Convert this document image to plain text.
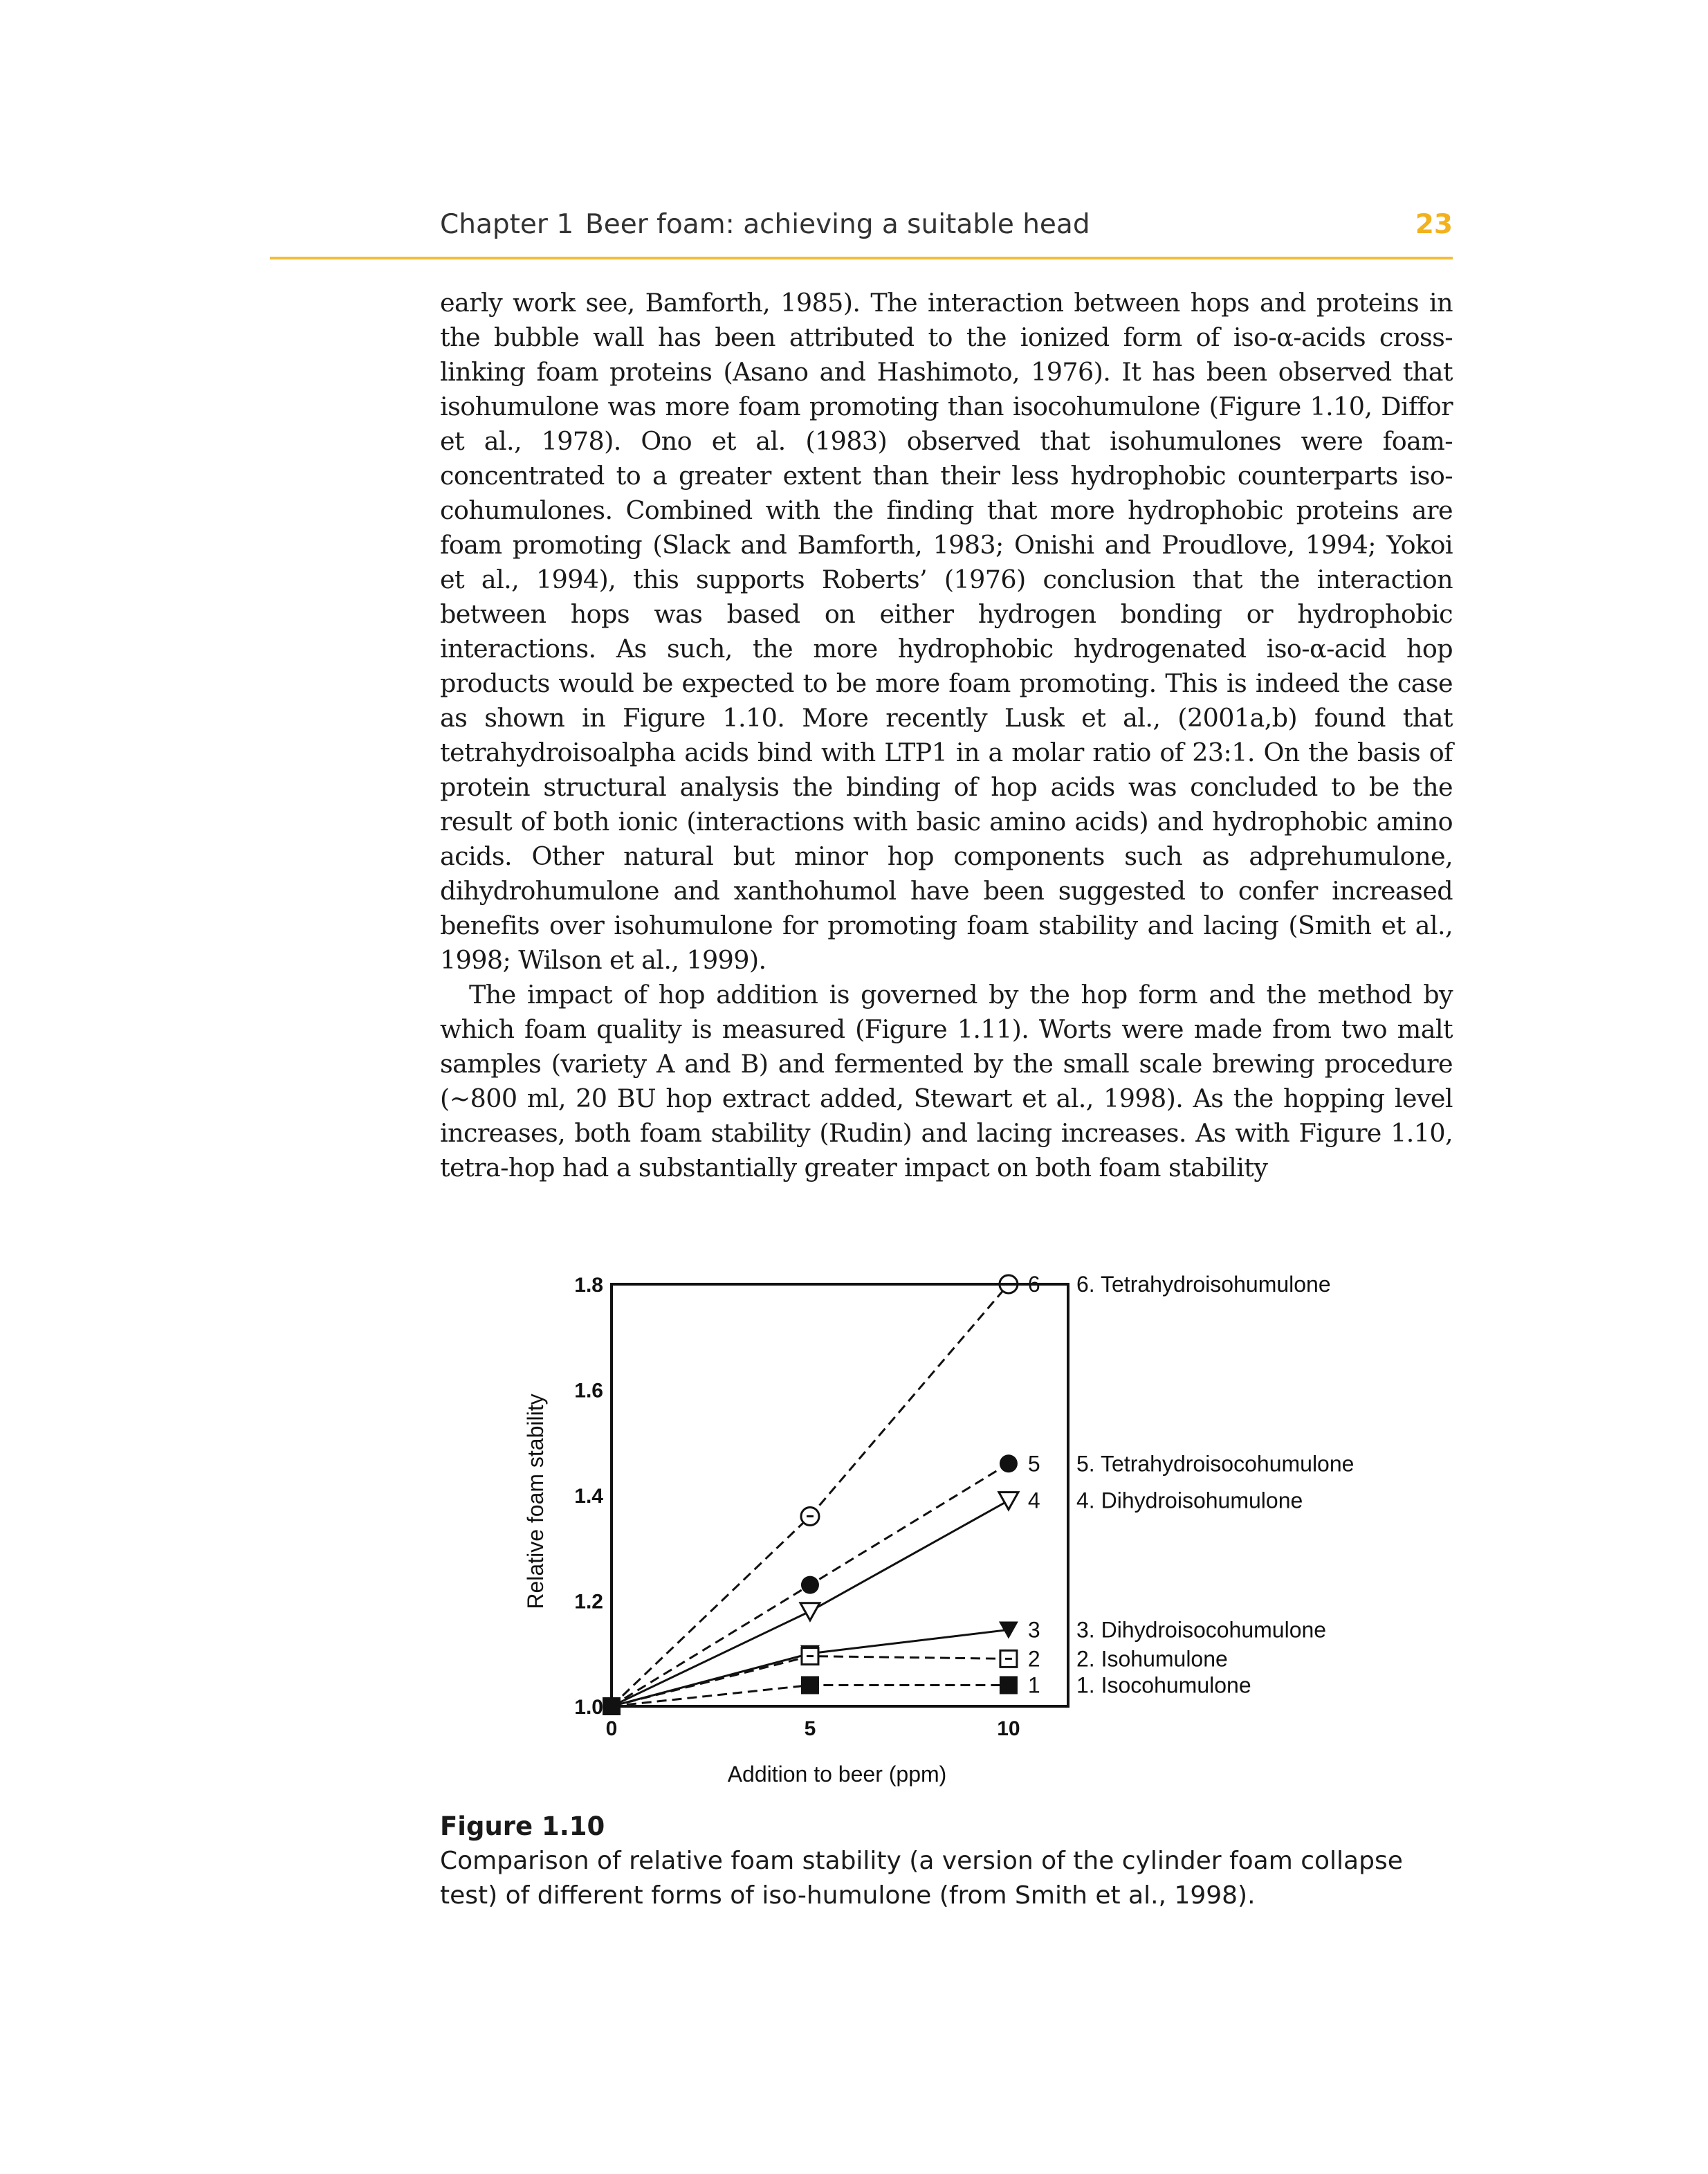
Chapter 1 Beer foam: achieving a suitable head	23

early work see, Bamforth, 1985). The interaction between hops and proteins in the bubble wall has been attributed to the ionized form of iso-α-acids cross-linking foam proteins (Asano and Hashimoto, 1976). It has been observed that isohumulone was more foam promoting than isocohumulone (Figure 1.10, Diffor et al., 1978). Ono et al. (1983) observed that isohumulones were foam-concentrated to a greater extent than their less hydrophobic counterparts iso-cohumulones. Combined with the finding that more hydrophobic proteins are foam promoting (Slack and Bamforth, 1983; Onishi and Proudlove, 1994; Yokoi et al., 1994), this supports Roberts’ (1976) conclusion that the interaction between hops was based on either hydrogen bonding or hydrophobic interactions. As such, the more hydrophobic hydrogenated iso-α-acid hop products would be expected to be more foam promoting. This is indeed the case as shown in Figure 1.10. More recently Lusk et al., (2001a,b) found that tetrahydroisoalpha acids bind with LTP1 in a molar ratio of 23:1. On the basis of protein structural analysis the binding of hop acids was concluded to be the result of both ionic (interactions with basic amino acids) and hydrophobic amino acids. Other natural but minor hop components such as adprehumulone, dihydrohumulone and xanthohumol have been suggested to confer increased benefits over isohumulone for promoting foam stability and lacing (Smith et al., 1998; Wilson et al., 1999).

The impact of hop addition is governed by the hop form and the method by which foam quality is measured (Figure 1.11). Worts were made from two malt samples (variety A and B) and fermented by the small scale brewing procedure (~800 ml, 20 BU hop extract added, Stewart et al., 1998). As the hopping level increases, both foam stability (Rudin) and lacing increases. As with Figure 1.10, tetra-hop had a substantially greater impact on both foam stability

1.0
1.2
1.4
1.6
1.8
0	5	10
Addition to beer (ppm)
Relative foam stability
6
5
4
3
2
1
6. Tetrahydroisohumulone
5. Tetrahydroisocohumulone
4. Dihydroisohumulone
3. Dihydroisocohumulone
2. Isohumulone
1. Isocohumulone
Figure 1.10
Comparison of relative foam stability (a version of the cylinder foam collapse test) of different forms of iso-humulone (from Smith et al., 1998).
